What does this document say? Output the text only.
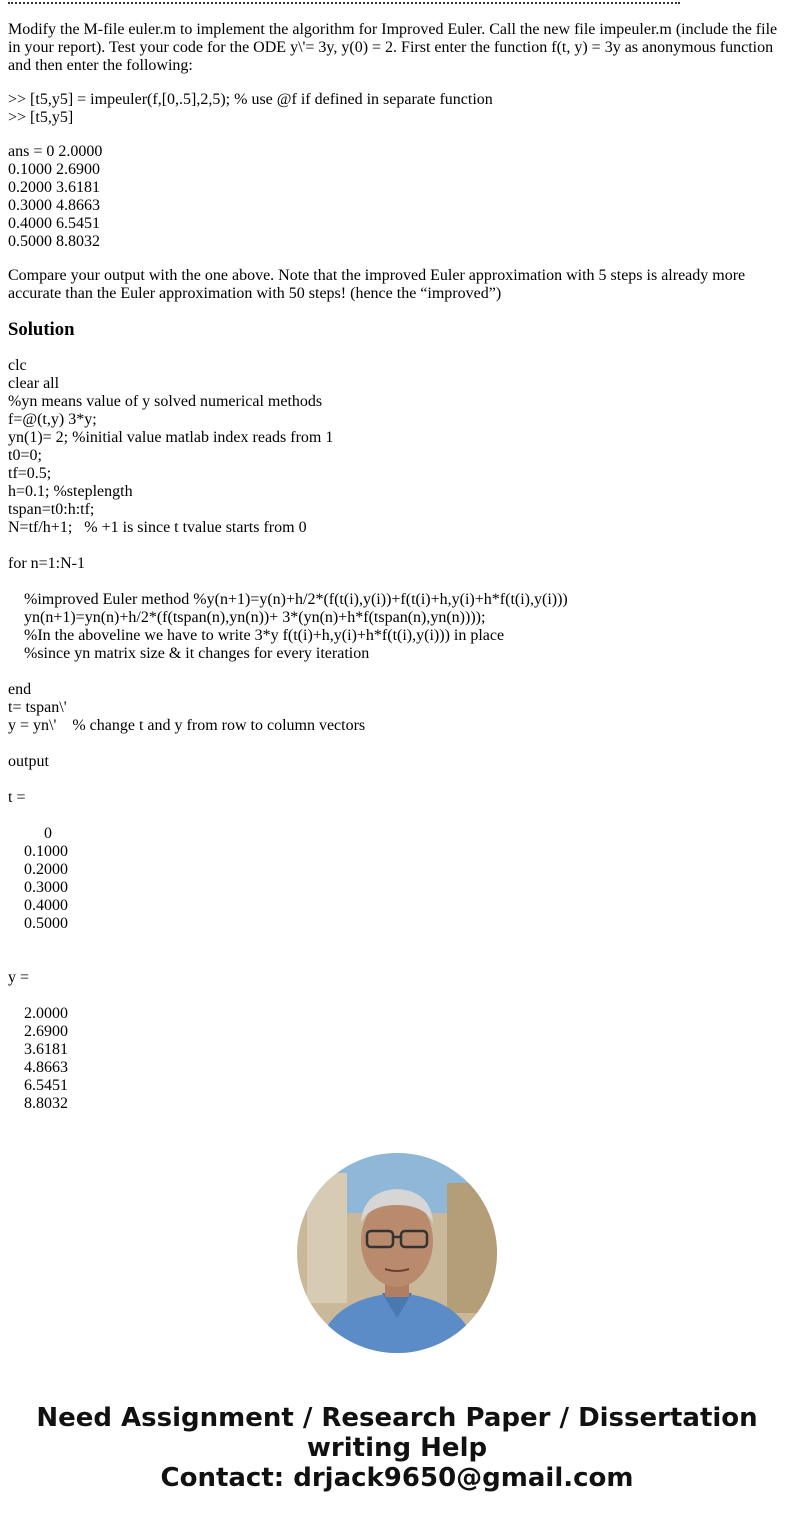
Modify the M-file euler.m to implement the algorithm for Improved Euler. Call the new file impeuler.m (include the file in your report). Test your code for the ODE y\'= 3y, y(0) = 2. First enter the function f(t, y) = 3y as anonymous function and then enter the following:

>> [t5,y5] = impeuler(f,[0,.5],2,5); % use @f if defined in separate function
>> [t5,y5]

ans = 0 2.0000
0.1000 2.6900
0.2000 3.6181
0.3000 4.8663
0.4000 6.5451
0.5000 8.8032

Compare your output with the one above. Note that the improved Euler approximation with 5 steps is already more accurate than the Euler approximation with 50 steps! (hence the “improved”)

Solution
clc
clear all
%yn means value of y solved numerical methods
f=@(t,y) 3*y;
yn(1)= 2; %initial value matlab index reads from 1
t0=0;
tf=0.5;
h=0.1; %steplength
tspan=t0:h:tf;
N=tf/h+1;   % +1 is since t tvalue starts from 0
for n=1:N-1
%improved Euler method %y(n+1)=y(n)+h/2*(f(t(i),y(i))+f(t(i)+h,y(i)+h*f(t(i),y(i)))
yn(n+1)=yn(n)+h/2*(f(tspan(n),yn(n))+ 3*(yn(n)+h*f(tspan(n),yn(n))));
%In the aboveline we have to write 3*y f(t(i)+h,y(i)+h*f(t(i),y(i))) in place
%since yn matrix size & it changes for every iteration
end
t= tspan\'
y = yn\'    % change t and y from row to column vectors
output
t =
0
0.1000
0.2000
0.3000
0.4000
0.5000
y =
2.0000
2.6900
3.6181
4.8663
6.5451
8.8032
Need Assignment / Research Paper / Dissertation
writing Help
Contact: drjack9650@gmail.com
